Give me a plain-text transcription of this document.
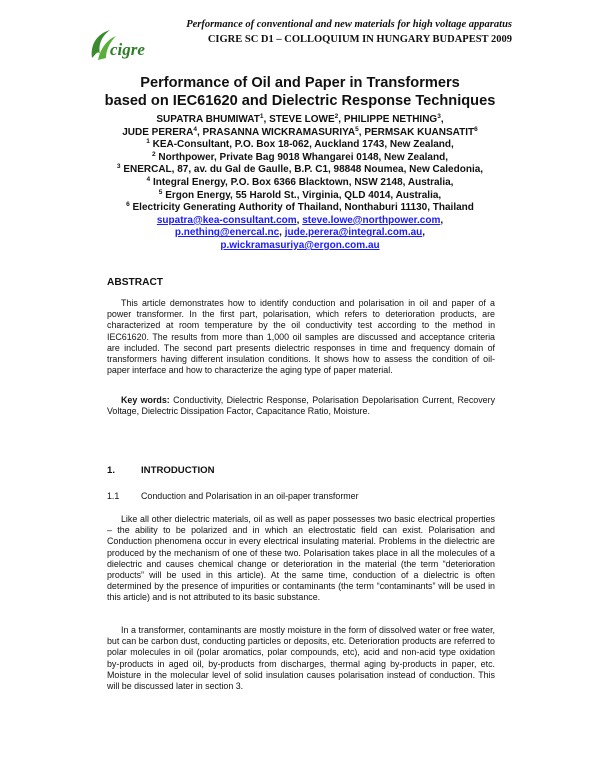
cigre
Performance of conventional and new materials for high voltage apparatus
CIGRE SC D1 – COLLOQUIUM IN HUNGARY BUDAPEST 2009
Performance of Oil and Paper in Transformers
based on IEC61620 and Dielectric Response Techniques
SUPATRA BHUMIWAT$^1$, STEVE LOWE$^2$, PHILIPPE NETHING$^3$,
JUDE PERERA$^4$, PRASANNA WICKRAMASURIYA$^5$, PERMSAK KUANSATIT$^6$
$^1$ KEA-Consultant, P.O. Box 18-062, Auckland 1743, New Zealand,
$^2$ Northpower, Private Bag 9018 Whangarei 0148, New Zealand,
$^3$ ENERCAL, 87, av. du Gal de Gaulle, B.P. C1, 98848 Noumea, New Caledonia,
$^4$ Integral Energy, P.O. Box 6366 Blacktown, NSW 2148, Australia,
$^5$ Ergon Energy, 55 Harold St., Virginia, QLD 4014, Australia,
$^6$ Electricity Generating Authority of Thailand, Nonthaburi 11130, Thailand
supatra@kea-consultant.com, steve.lowe@northpower.com,
p.nething@enercal.nc, jude.perera@integral.com.au,
p.wickramasuriya@ergon.com.au
ABSTRACT

This article demonstrates how to identify conduction and polarisation in oil and paper of a power transformer. In the first part, polarisation, which refers to deterioration products, are characterized at room temperature by the oil conductivity test according to the method in IEC61620. The results from more than 1,000 oil samples are discussed and acceptance criteria are included. The second part presents dielectric responses in time and frequency domain of transformers having different insulation conditions. It shows how to assess the condition of oil-paper interface and how to characterize the aging type of paper material.

Key words: Conductivity, Dielectric Response, Polarisation Depolarisation Current, Recovery Voltage, Dielectric Dissipation Factor, Capacitance Ratio, Moisture.

1.	INTRODUCTION
1.1 Conduction and Polarisation in an oil-paper transformer

Like all other dielectric materials, oil as well as paper possesses two basic electrical properties – the ability to be polarized and in which an electrostatic field can exist. Polarisation and Conduction phenomena occur in every electrical insulating material. Problems in the dielectric are produced by the mechanism of one of these two. Polarisation takes place in all the molecules of a dielectric and causes chemical change or deterioration in the material (the term “deterioration products” will be used in this article). At the same time, conduction of a dielectric is often determined by the presence of impurities or contaminants (the term “contaminants” will be used in this article) and is not attributed to its basic substance.

In a transformer, contaminants are mostly moisture in the form of dissolved water or free water, but can be carbon dust, conducting particles or deposits, etc. Deterioration products are referred to polar molecules in oil (polar aromatics, polar compounds, etc), acid and non-acid type oxidation by-products in aged oil, by-products from discharges, thermal aging by-products in paper, etc. Moisture in the molecular level of solid insulation causes polarisation instead of conduction. This will be discussed later in section 3.
